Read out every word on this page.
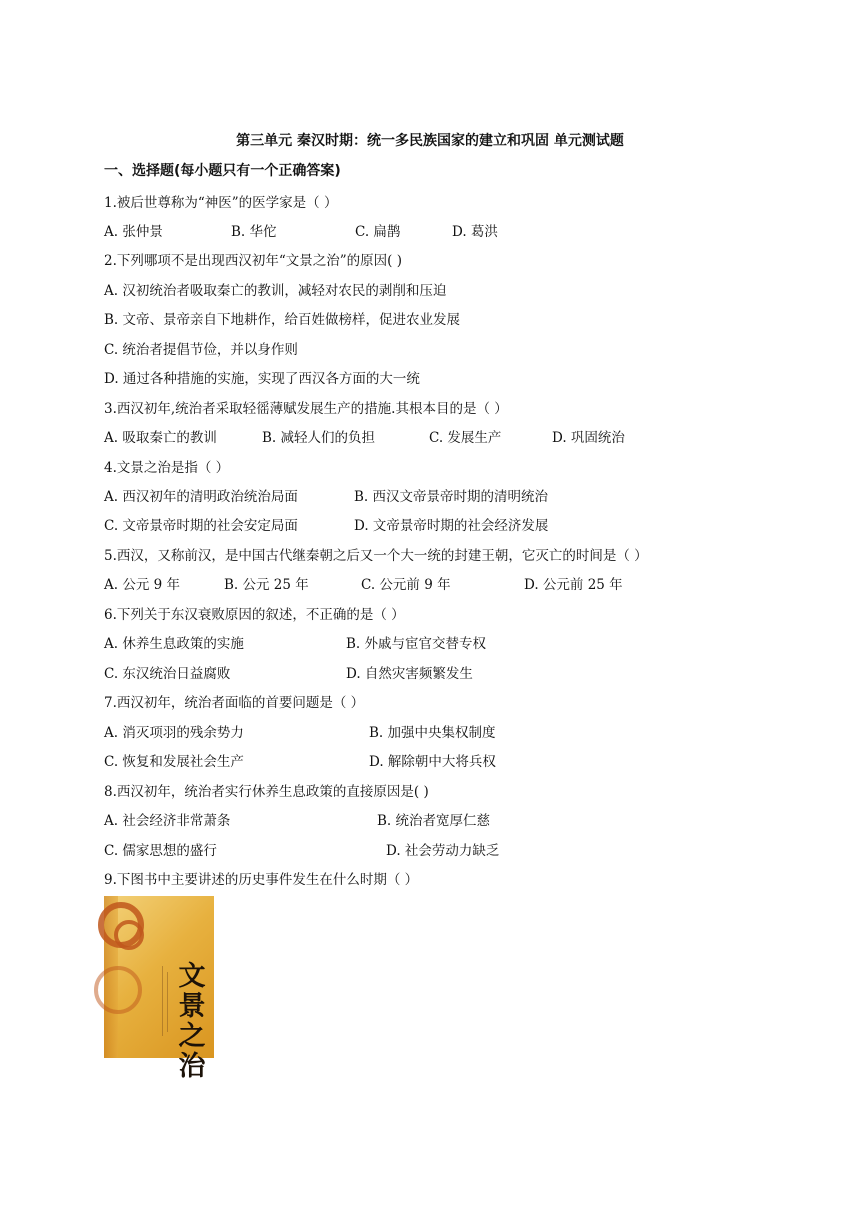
第三单元 秦汉时期：统一多民族国家的建立和巩固 单元测试题
一、选择题(每小题只有一个正确答案)
1.被后世尊称为“神医”的医学家是（ ）
A. 张仲景	B. 华佗	C. 扁鹊	D. 葛洪
2.下列哪项不是出现西汉初年“文景之治”的原因( )
A. 汉初统治者吸取秦亡的教训，减轻对农民的剥削和压迫
B. 文帝、景帝亲自下地耕作，给百姓做榜样，促进农业发展
C. 统治者提倡节俭，并以身作则
D. 通过各种措施的实施，实现了西汉各方面的大一统
3.西汉初年,统治者采取轻徭薄赋发展生产的措施.其根本目的是（ ）
A. 吸取秦亡的教训	B. 减轻人们的负担	C. 发展生产	D. 巩固统治
4.文景之治是指（ ）
A. 西汉初年的清明政治统治局面	B. 西汉文帝景帝时期的清明统治
C. 文帝景帝时期的社会安定局面	D. 文帝景帝时期的社会经济发展
5.西汉，又称前汉，是中国古代继秦朝之后又一个大一统的封建王朝，它灭亡的时间是（ ）
A. 公元 9 年	B. 公元 25 年	C. 公元前 9 年	D. 公元前 25 年
6.下列关于东汉衰败原因的叙述，不正确的是（ ）
A. 休养生息政策的实施	B. 外戚与宦官交替专权
C. 东汉统治日益腐败	D. 自然灾害频繁发生
7.西汉初年，统治者面临的首要问题是（ ）
A. 消灭项羽的残余势力	B. 加强中央集权制度
C. 恢复和发展社会生产	D. 解除朝中大将兵权
8.西汉初年，统治者实行休养生息政策的直接原因是( )
A. 社会经济非常萧条	B. 统治者宽厚仁慈
C. 儒家思想的盛行	D. 社会劳动力缺乏
9.下图书中主要讲述的历史事件发生在什么时期（ ）
文景之治
